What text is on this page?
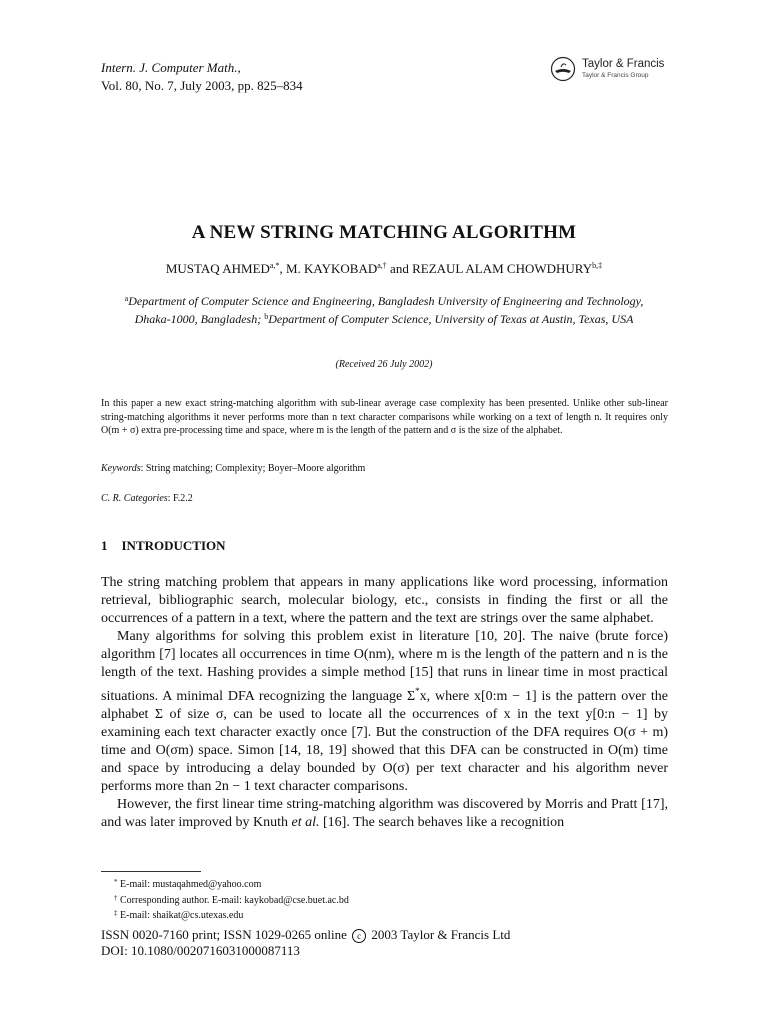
Intern. J. Computer Math.,
Vol. 80, No. 7, July 2003, pp. 825–834
Taylor & Francis
Taylor & Francis Group
A NEW STRING MATCHING ALGORITHM
MUSTAQ $AHMED^{a,*}$, M. $KAYKOBAD^{a,\dagger}$ and REZAUL ALAM $CHOWDHURY^{b,\ddagger}$
$^a$Department of Computer Science and Engineering, Bangladesh University of Engineering and Technology, Dhaka-1000, Bangladesh; $^b$Department of Computer Science, University of Texas at Austin, Texas, USA
(Received 26 July 2002)
In this paper a new exact string-matching algorithm with sub-linear average case complexity has been presented. Unlike other sub-linear string-matching algorithms it never performs more than n text character comparisons while working on a text of length n. It requires only O(m + σ) extra pre-processing time and space, where m is the length of the pattern and σ is the size of the alphabet.
Keywords: String matching; Complexity; Boyer–Moore algorithm
C. R. Categories: F.2.2
1 INTRODUCTION

The string matching problem that appears in many applications like word processing, information retrieval, bibliographic search, molecular biology, etc., consists in finding the first or all the occurrences of a pattern in a text, where the pattern and the text are strings over the same alphabet.

Many algorithms for solving this problem exist in literature [10, 20]. The naive (brute force) algorithm [7] locates all occurrences in time O(nm), where m is the length of the pattern and n is the length of the text. Hashing provides a simple method [15] that runs in linear time in most practical situations. A minimal DFA recognizing the language Σ*x, where x[0:m − 1] is the pattern over the alphabet Σ of size σ, can be used to locate all the occurrences of x in the text y[0:n − 1] by examining each text character exactly once [7]. But the construction of the DFA requires O(σ + m) time and O(σm) space. Simon [14, 18, 19] showed that this DFA can be constructed in O(m) time and space by introducing a delay bounded by O(σ) per text character and his algorithm never performs more than 2n − 1 text character comparisons.

However, the first linear time string-matching algorithm was discovered by Morris and Pratt [17], and was later improved by Knuth et al. [16]. The search behaves like a recognition

* E-mail: mustaqahmed@yahoo.com
† Corresponding author. E-mail: kaykobad@cse.buet.ac.bd
‡ E-mail: shaikat@cs.utexas.edu
ISSN 0020-7160 print; ISSN 1029-0265 online c 2003 Taylor & Francis Ltd
DOI: 10.1080/0020716031000087113
